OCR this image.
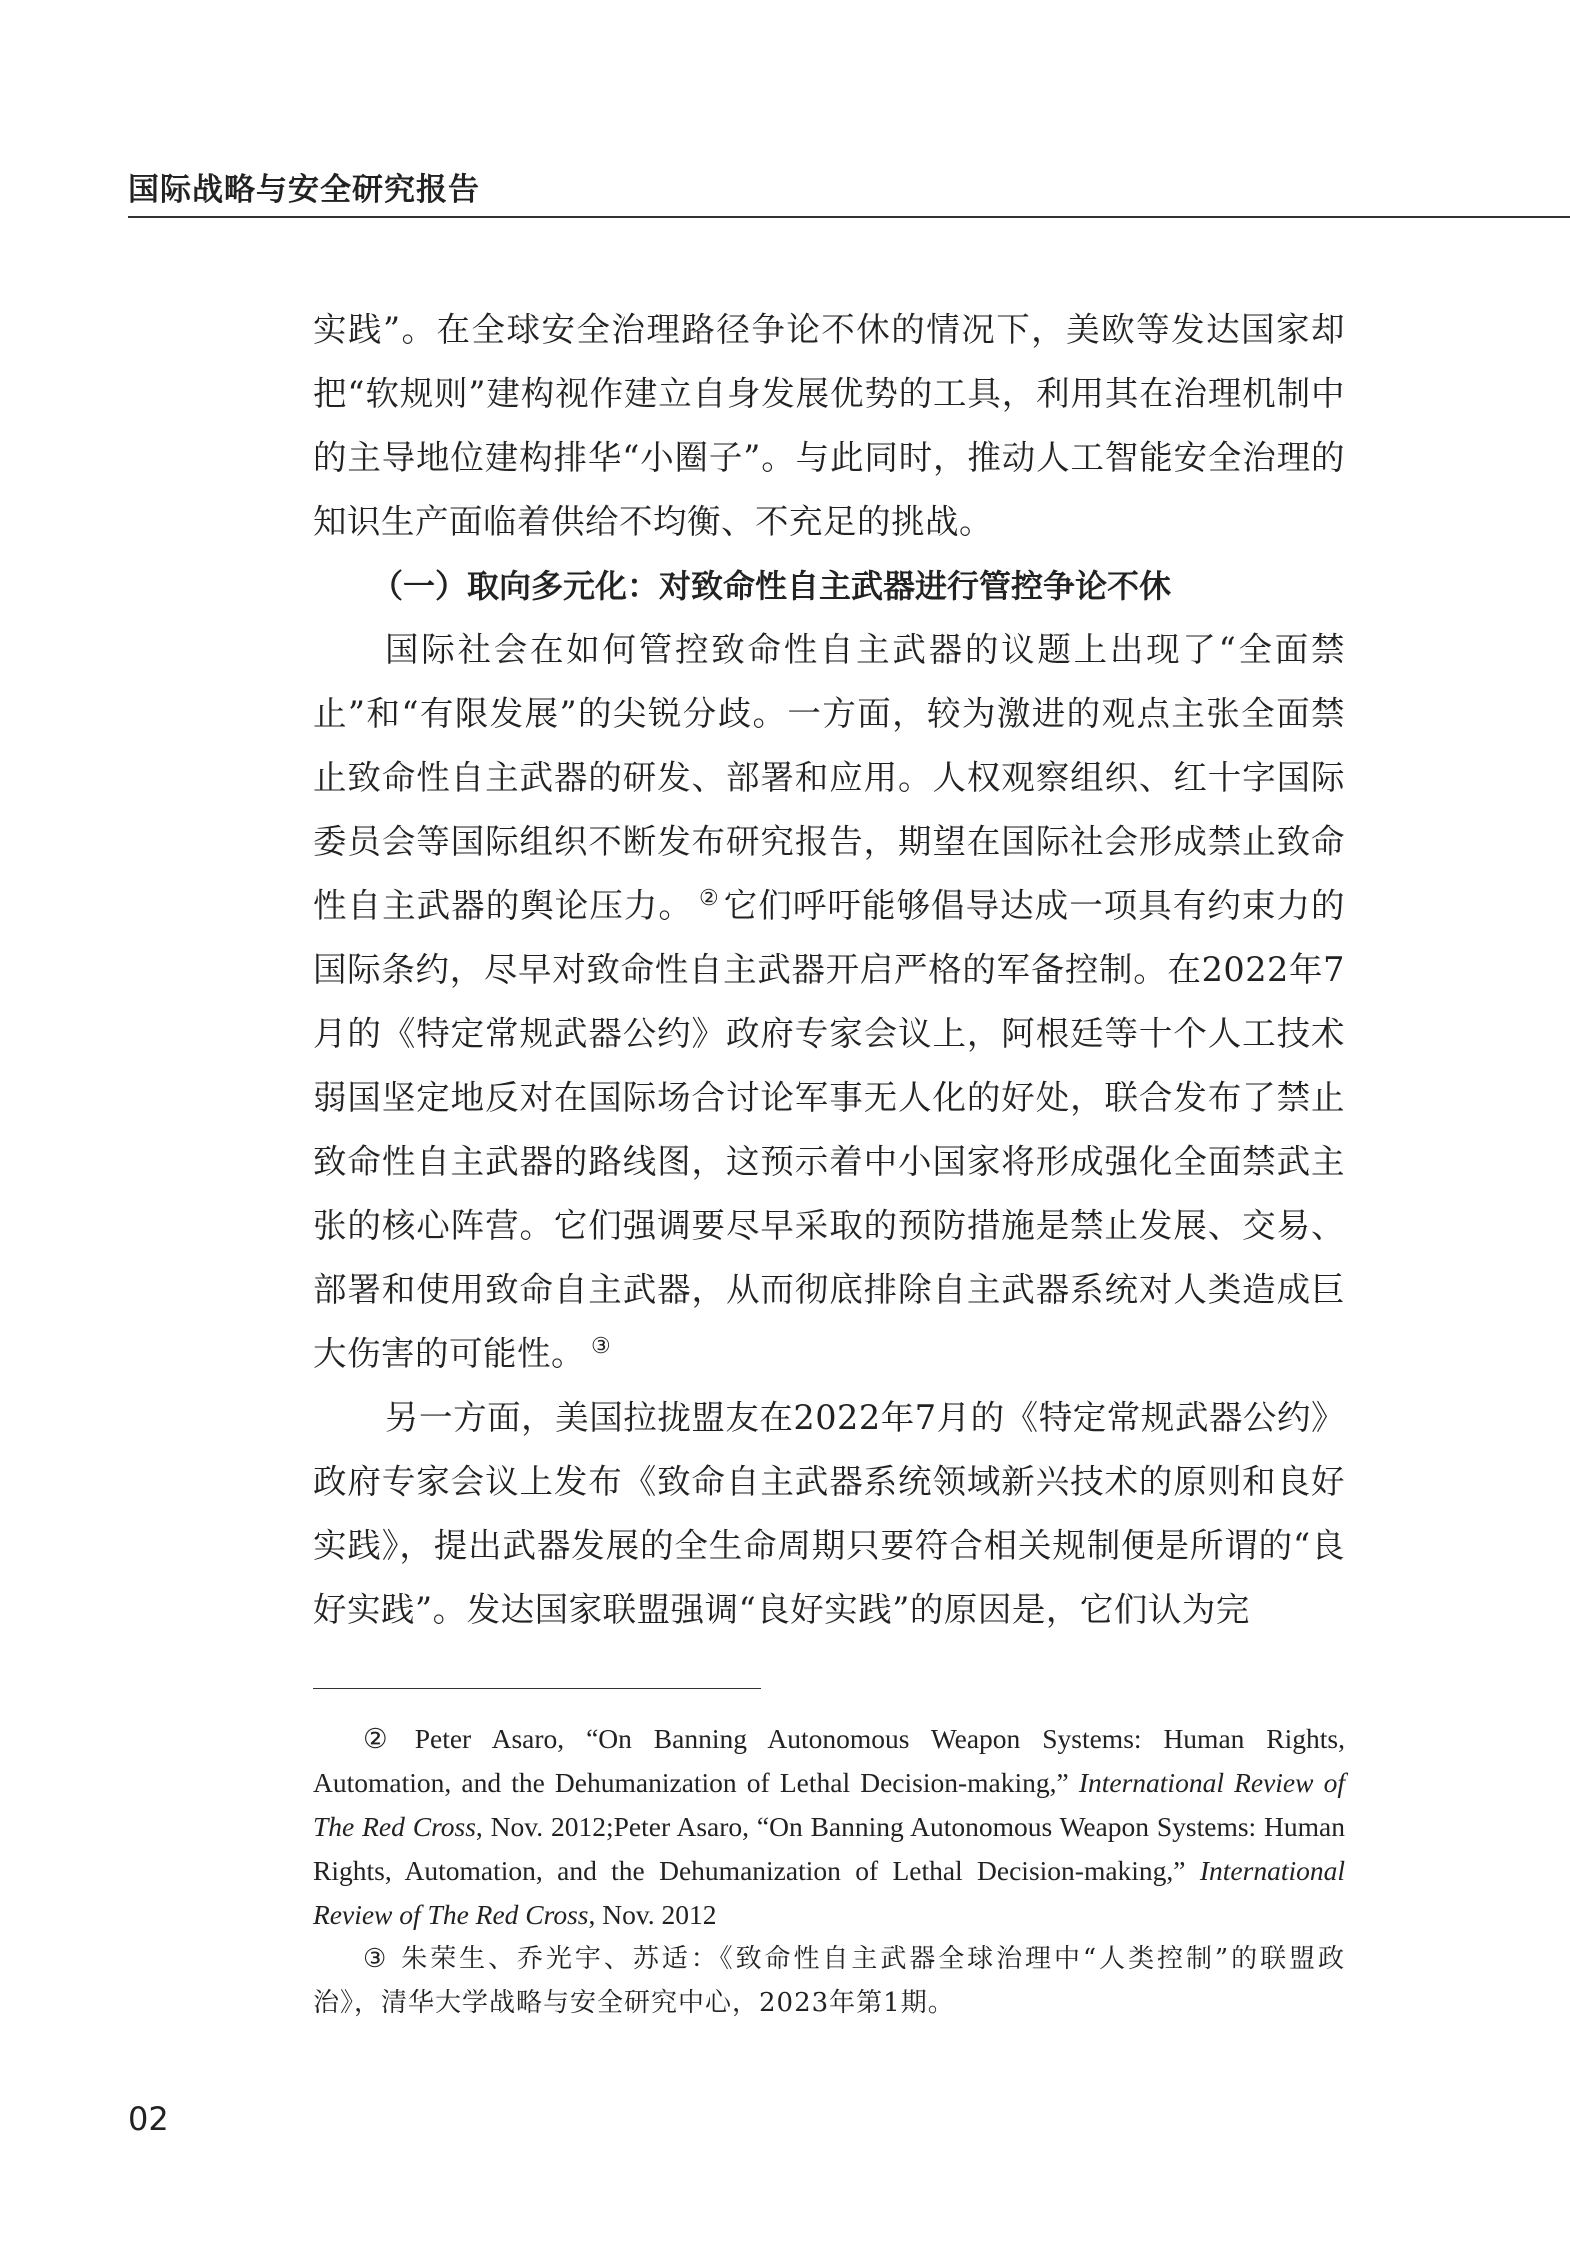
国际战略与安全研究报告

实践”。在全球安全治理路径争论不休的情况下，美欧等发达国家却把“软规则”建构视作建立自身发展优势的工具，利用其在治理机制中的主导地位建构排华“小圈子”。与此同时，推动人工智能安全治理的知识生产面临着供给不均衡、不充足的挑战。

（一）取向多元化：对致命性自主武器进行管控争论不休

国际社会在如何管控致命性自主武器的议题上出现了“全面禁止”和“有限发展”的尖锐分歧。一方面，较为激进的观点主张全面禁止致命性自主武器的研发、部署和应用。人权观察组织、红十字国际委员会等国际组织不断发布研究报告，期望在国际社会形成禁止致命性自主武器的舆论压力。 ② 它们呼吁能够倡导达成一项具有约束力的国际条约，尽早对致命性自主武器开启严格的军备控制。在2022年7月的《特定常规武器公约》政府专家会议上，阿根廷等十个人工技术弱国坚定地反对在国际场合讨论军事无人化的好处，联合发布了禁止致命性自主武器的路线图，这预示着中小国家将形成强化全面禁武主张的核心阵营。它们强调要尽早采取的预防措施是禁止发展、交易、部署和使用致命自主武器，从而彻底排除自主武器系统对人类造成巨大伤害的可能性。 ③

另一方面，美国拉拢盟友在2022年7月的《特定常规武器公约》政府专家会议上发布《致命自主武器系统领域新兴技术的原则和良好实践》，提出武器发展的全生命周期只要符合相关规制便是所谓的“良好实践”。发达国家联盟强调“良好实践”的原因是，它们认为完

② Peter Asaro, “On Banning Autonomous Weapon Systems: Human Rights, Automation, and the Dehumanization of Lethal Decision-making,” International Review of The Red Cross, Nov. 2012;Peter Asaro, “On Banning Autonomous Weapon Systems: Human Rights, Automation, and the Dehumanization of Lethal Decision-making,” International Review of The Red Cross, Nov. 2012

③ 朱荣生、乔光宇、苏适：《致命性自主武器全球治理中“人类控制”的联盟政治》，清华大学战略与安全研究中心，2023年第1期。

02
